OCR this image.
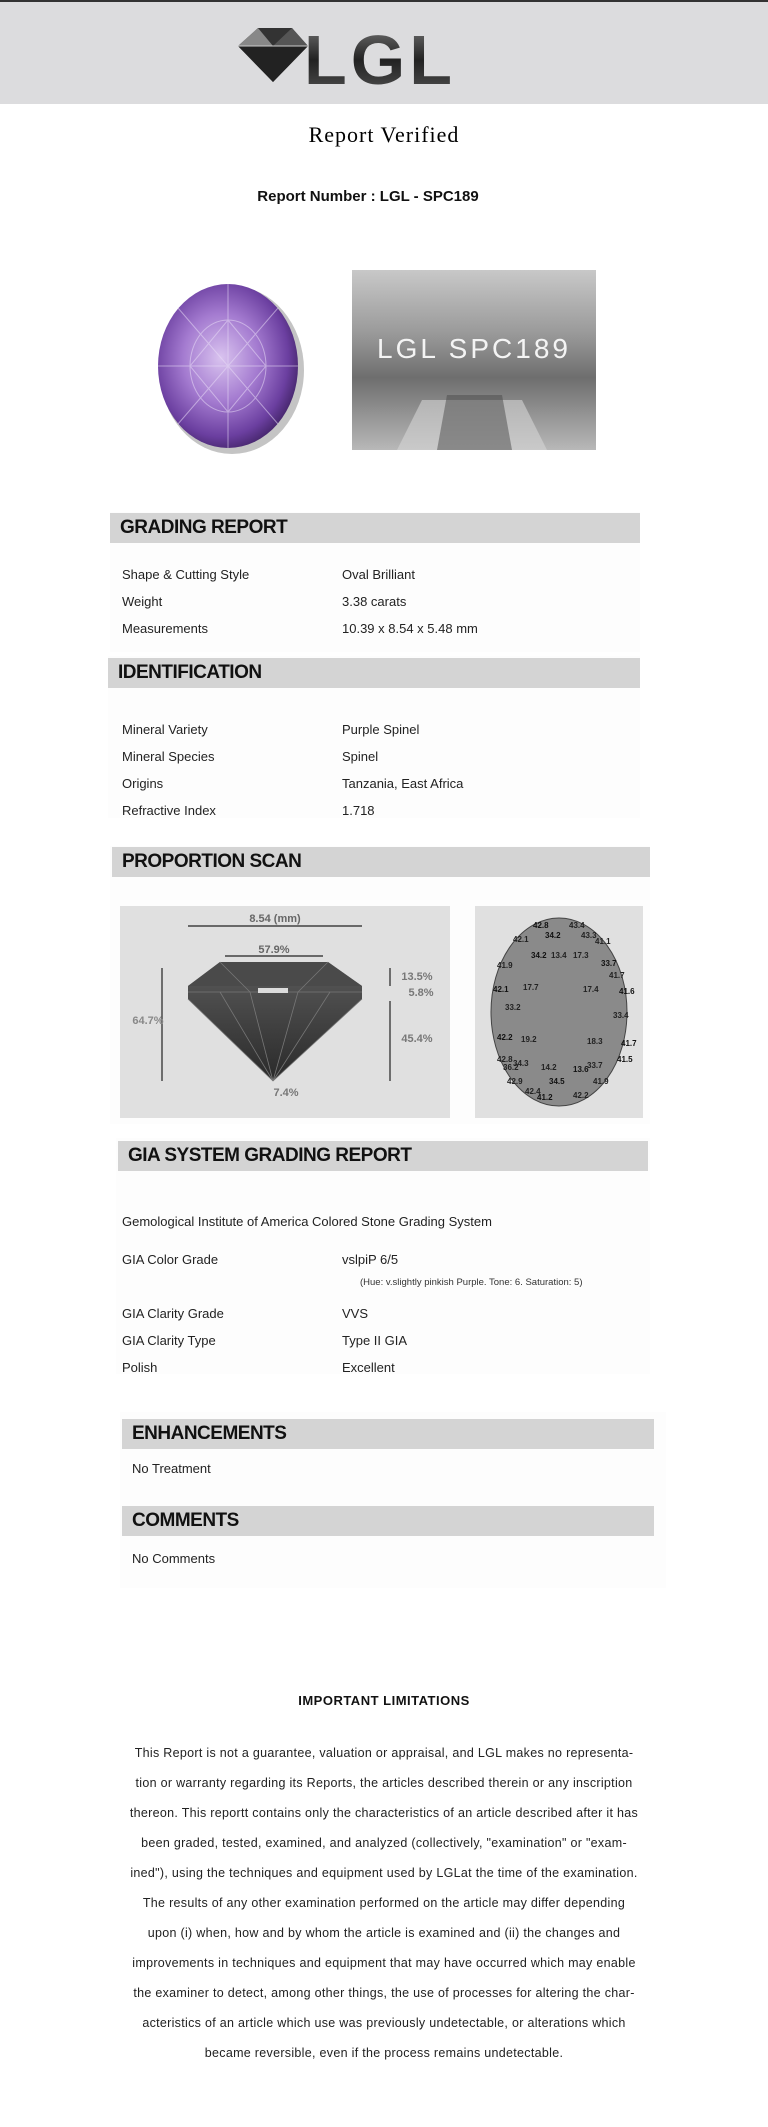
LGL
Report Verified
Report Number : LGL - SPC189
LGL SPC189
GRADING REPORT
Shape & Cutting Style	Oval Brilliant
Weight	3.38 carats
Measurements	10.39 x 8.54 x 5.48 mm
IDENTIFICATION
Mineral Variety	Purple Spinel
Mineral Species	Spinel
Origins	Tanzania, East Africa
Refractive Index	1.718
PROPORTION SCAN
8.54 (mm)
57.9%
64.7%
13.5%
5.8%
45.4%
7.4%
42.8	43.4
42.1 34.2	43.3
41.1
34.2 13.4 17.3
33.7
41.9
41.7
42.1 17.7	17.4	41.6
33.2
33.4
42.2 19.2	18.3 41.7
42.8 34.3	41.5
36.2	14.2 13.6
33.7
42.9	34.5	41.9
42.4
41.2	42.2
GIA SYSTEM GRADING REPORT
Gemological Institute of America Colored Stone Grading System
GIA Color Grade	vslpiP 6/5
(Hue: v.slightly pinkish Purple. Tone: 6. Saturation: 5)
GIA Clarity Grade	VVS
GIA Clarity Type	Type II GIA
Polish	Excellent
ENHANCEMENTS
No Treatment
COMMENTS
No Comments
IMPORTANT LIMITATIONS
This Report is not a guarantee, valuation or appraisal, and LGL makes no representa-
tion or warranty regarding its Reports, the articles described therein or any inscription
thereon. This reportt contains only the characteristics of an article described after it has
been graded, tested, examined, and analyzed (collectively, "examination" or "exam-
ined"), using the techniques and equipment used by LGLat the time of the examination.
The results of any other examination performed on the article may differ depending
upon (i) when, how and by whom the article is examined and (ii) the changes and
improvements in techniques and equipment that may have occurred which may enable
the examiner to detect, among other things, the use of processes for altering the char-
acteristics of an article which use was previously undetectable, or alterations which
became reversible, even if the process remains undetectable.
